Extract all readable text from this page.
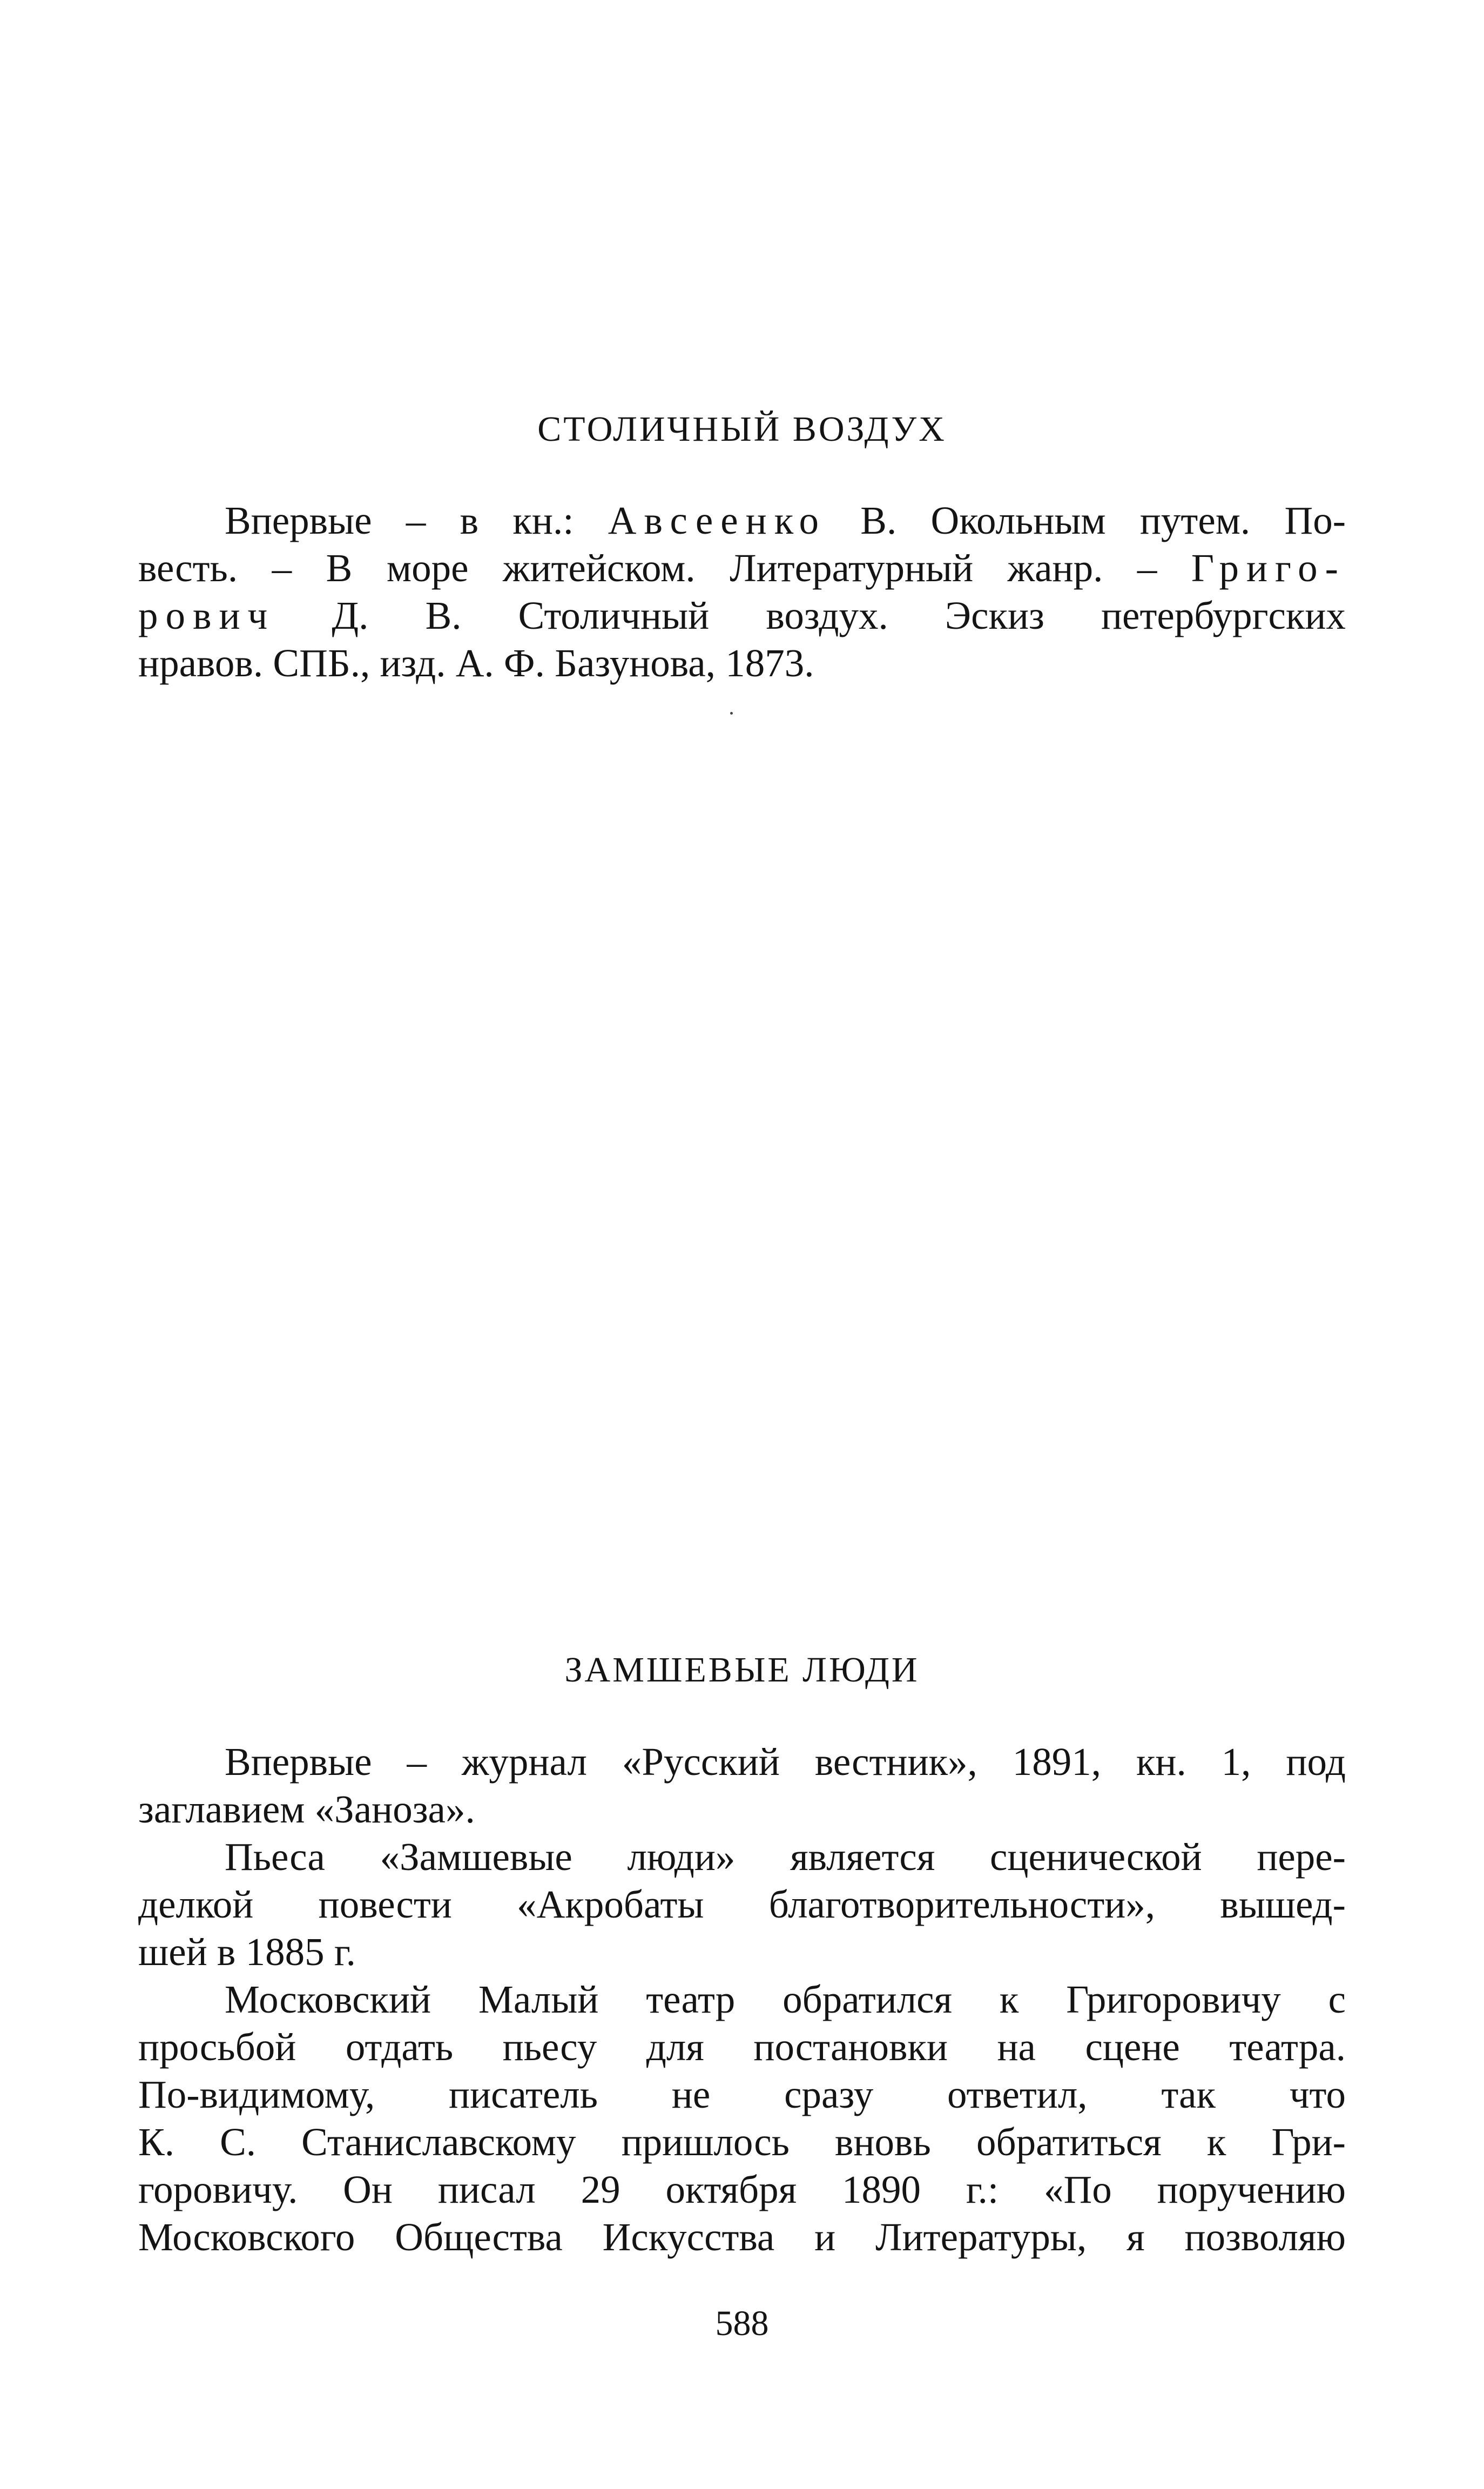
СТОЛИЧНЫЙ ВОЗДУХ
Впервые – в кн.: Авсеенко В. Окольным путем. По-
весть. – В море житейском. Литературный жанр. – Григо-
рович Д. В. Столичный воздух. Эскиз петербургских
нравов. СПБ., изд. А. Ф. Базунова, 1873.
ЗАМШЕВЫЕ ЛЮДИ
Впервые – журнал «Русский вестник», 1891, кн. 1, под
заглавием «Заноза».
Пьеса «Замшевые люди» является сценической пере-
делкой повести «Акробаты благотворительности», вышед-
шей в 1885 г.
Московский Малый театр обратился к Григоровичу с
просьбой отдать пьесу для постановки на сцене театра.
По-видимому, писатель не сразу ответил, так что
К. С. Станиславскому пришлось вновь обратиться к Гри-
горовичу. Он писал 29 октября 1890 г.: «По поручению
Московского Общества Искусства и Литературы, я позволяю
588
